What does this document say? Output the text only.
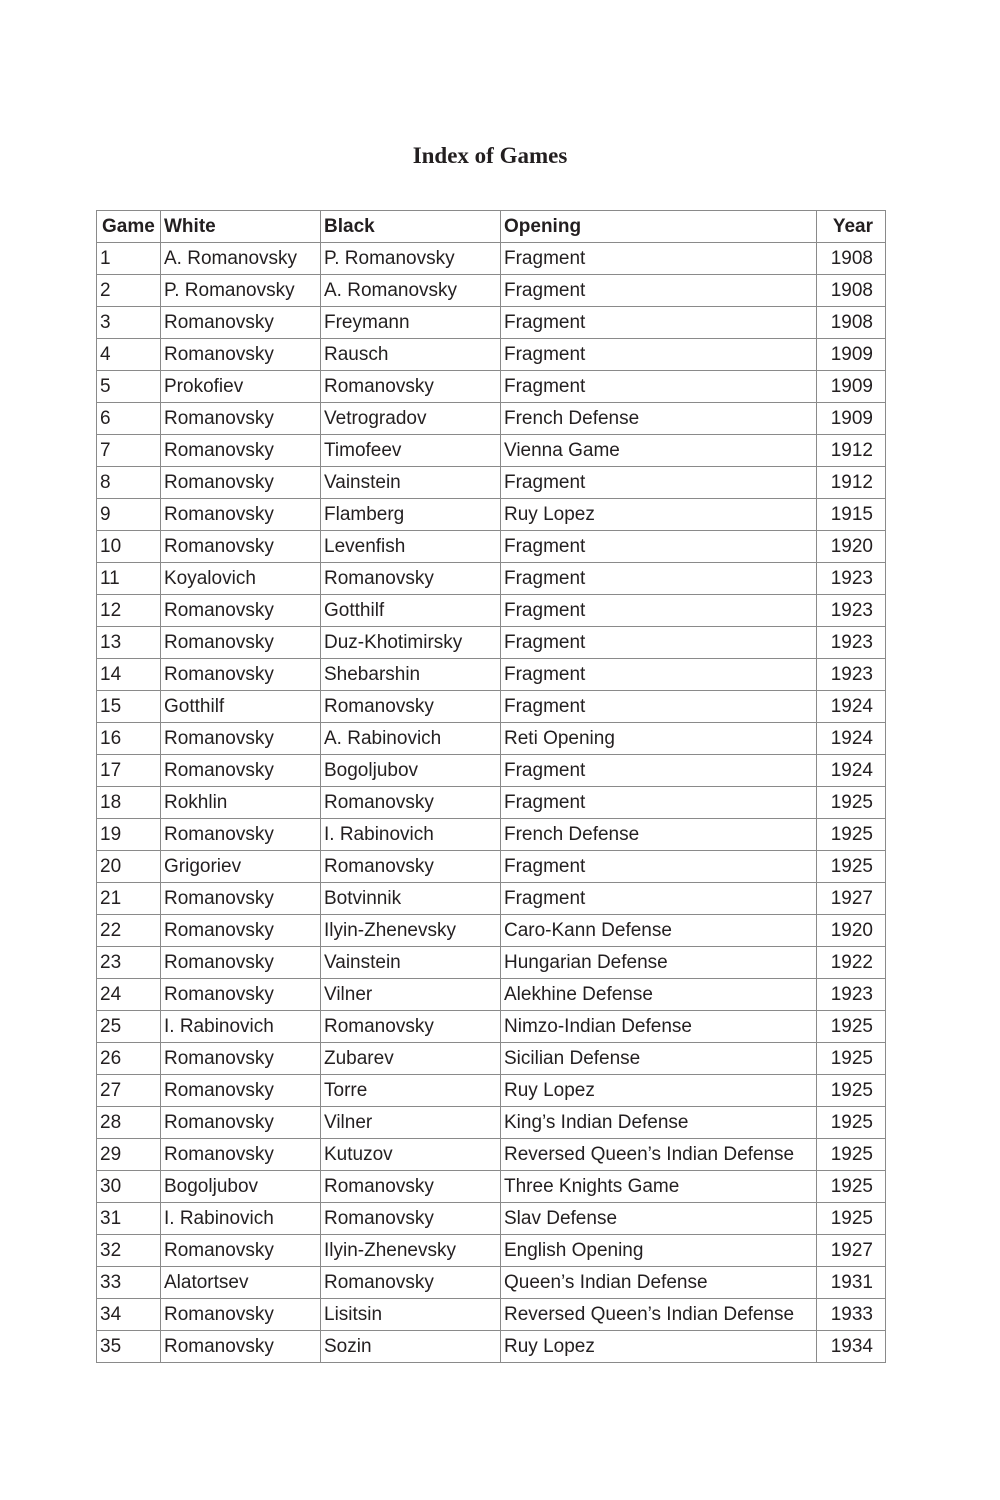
Index of Games
Game	White	Black	Opening	Year
1	A. Romanovsky	P. Romanovsky	Fragment	1908
2	P. Romanovsky	A. Romanovsky	Fragment	1908
3	Romanovsky	Freymann	Fragment	1908
4	Romanovsky	Rausch	Fragment	1909
5	Prokofiev	Romanovsky	Fragment	1909
6	Romanovsky	Vetrogradov	French Defense	1909
7	Romanovsky	Timofeev	Vienna Game	1912
8	Romanovsky	Vainstein	Fragment	1912
9	Romanovsky	Flamberg	Ruy Lopez	1915
10	Romanovsky	Levenfish	Fragment	1920
11	Koyalovich	Romanovsky	Fragment	1923
12	Romanovsky	Gotthilf	Fragment	1923
13	Romanovsky	Duz-Khotimirsky	Fragment	1923
14	Romanovsky	Shebarshin	Fragment	1923
15	Gotthilf	Romanovsky	Fragment	1924
16	Romanovsky	A. Rabinovich	Reti Opening	1924
17	Romanovsky	Bogoljubov	Fragment	1924
18	Rokhlin	Romanovsky	Fragment	1925
19	Romanovsky	I. Rabinovich	French Defense	1925
20	Grigoriev	Romanovsky	Fragment	1925
21	Romanovsky	Botvinnik	Fragment	1927
22	Romanovsky	Ilyin-Zhenevsky	Caro-Kann Defense	1920
23	Romanovsky	Vainstein	Hungarian Defense	1922
24	Romanovsky	Vilner	Alekhine Defense	1923
25	I. Rabinovich	Romanovsky	Nimzo-Indian Defense	1925
26	Romanovsky	Zubarev	Sicilian Defense	1925
27	Romanovsky	Torre	Ruy Lopez	1925
28	Romanovsky	Vilner	King’s Indian Defense	1925
29	Romanovsky	Kutuzov	Reversed Queen’s Indian Defense	1925
30	Bogoljubov	Romanovsky	Three Knights Game	1925
31	I. Rabinovich	Romanovsky	Slav Defense	1925
32	Romanovsky	Ilyin-Zhenevsky	English Opening	1927
33	Alatortsev	Romanovsky	Queen’s Indian Defense	1931
34	Romanovsky	Lisitsin	Reversed Queen’s Indian Defense	1933
35	Romanovsky	Sozin	Ruy Lopez	1934
